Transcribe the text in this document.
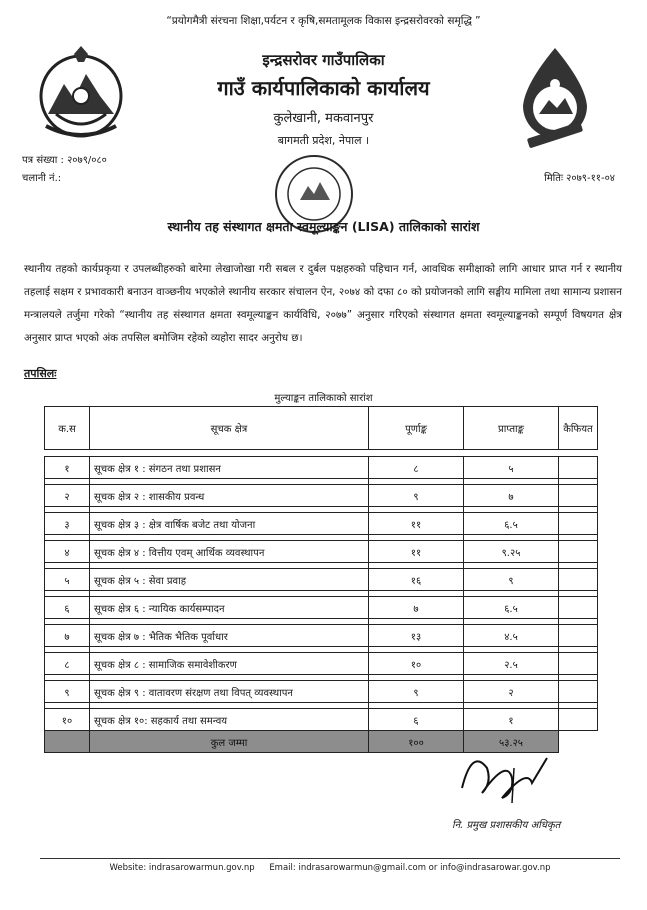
“प्रयोगमैत्री संरचना शिक्षा,पर्यटन र कृषि,समतामूलक विकास इन्द्रसरोवरको समृद्धि ”
इन्द्रसरोवर गाउँपालिका
गाउँ कार्यपालिकाको कार्यालय
कुलेखानी, मकवानपुर
बागमती प्रदेश, नेपाल ।
पत्र संख्या : २०७९/०८०
चलानी नं.:	मितिः २०७९-११-०४
स्थानीय तह संस्थागत क्षमता स्वमूल्याङ्कन (LISA) तालिकाको सारांश
स्थानीय तहको कार्यप्रकृया र उपलब्धीहरुको बारेमा लेखाजोखा गरी सबल र दुर्बल पक्षहरुको पहिचान गर्न, आवधिक समीक्षाको लागि आधार प्राप्त गर्न र स्थानीय तहलाई सक्षम र प्रभावकारी बनाउन वाञ्छनीय भएकोले स्थानीय सरकार संचालन ऐन, २०७४ को दफा ८० को प्रयोजनको लागि सङ्घीय मामिला तथा सामान्य प्रशासन मन्त्रालयले तर्जुमा गरेको “स्थानीय तह संस्थागत क्षमता स्वमूल्याङ्कन कार्यविधि, २०७७” अनुसार गरिएको संस्थागत क्षमता स्वमूल्याङ्कनको सम्पूर्ण विषयगत क्षेत्र अनुसार प्राप्त भएको अंक तपसिल बमोजिम रहेको व्यहोरा सादर अनुरोध छ।
तपसिलः
मुल्याङ्कन तालिकाको सारांश
क.स	सूचक क्षेत्र	पूर्णाङ्क	प्राप्ताङ्क	कैफियत

१	सूचक क्षेत्र १ : संगठन तथा प्रशासन	८	५	

२	सूचक क्षेत्र २ : शासकीय प्रवन्ध	९	७	

३	सूचक क्षेत्र ३ : क्षेत्र वार्षिक बजेट तथा योजना	११	६.५	

४	सूचक क्षेत्र ४ : वित्तीय एवम् आर्थिक व्यवस्थापन	११	९.२५	

५	सूचक क्षेत्र ५ : सेवा प्रवाह	१६	९	

६	सूचक क्षेत्र ६ : न्यायिक कार्यसम्पादन	७	६.५	

७	सूचक क्षेत्र ७ : भैतिक भैतिक पूर्वाधार	१३	४.५	

८	सूचक क्षेत्र ८ : सामाजिक समावेशीकरण	१०	२.५	

९	सूचक क्षेत्र ९ : वातावरण संरक्षण तथा विपत् व्यवस्थापन	९	२	

१०	सूचक क्षेत्र १०: सहकार्य तथा समन्वय	६	१	
	कुल जम्मा	१००	५३.२५	
नि. प्रमुख प्रशासकीय अधिकृत
Website: indrasarowarmun.gov.np Email: indrasarowarmun@gmail.com or info@indrasarowar.gov.np
